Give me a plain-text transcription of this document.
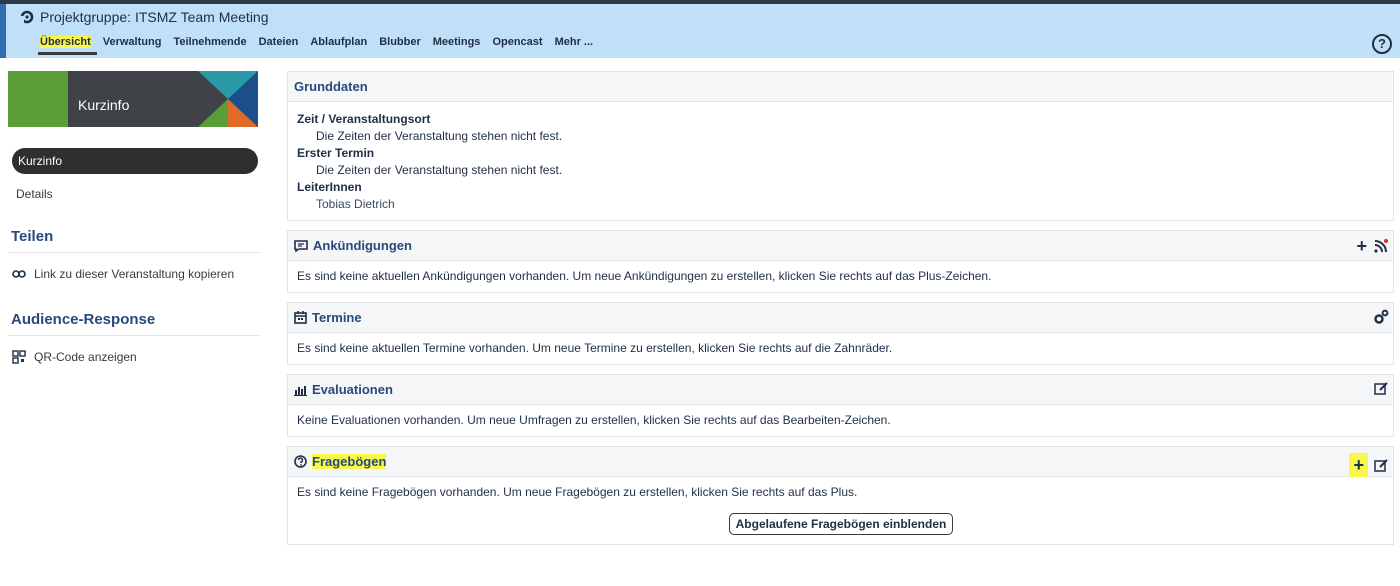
Projektgruppe: ITSMZ Team Meeting
Übersicht	Verwaltung	Teilnehmende	Dateien	Ablaufplan	Blubber	Meetings	Opencast	Mehr ...	?
Kurzinfo
Kurzinfo
Details
Teilen
Link zu dieser Veranstaltung kopieren
Audience-Response
QR-Code anzeigen
Grunddaten
Zeit / Veranstaltungsort
Die Zeiten der Veranstaltung stehen nicht fest.
Erster Termin
Die Zeiten der Veranstaltung stehen nicht fest.
LeiterInnen
Tobias Dietrich
Ankündigungen	+
Es sind keine aktuellen Ankündigungen vorhanden. Um neue Ankündigungen zu erstellen, klicken Sie rechts auf das Plus-Zeichen.
Termine
Es sind keine aktuellen Termine vorhanden. Um neue Termine zu erstellen, klicken Sie rechts auf die Zahnräder.
Evaluationen
Keine Evaluationen vorhanden. Um neue Umfragen zu erstellen, klicken Sie rechts auf das Bearbeiten-Zeichen.
Fragebögen	+
Es sind keine Fragebögen vorhanden. Um neue Fragebögen zu erstellen, klicken Sie rechts auf das Plus.
Abgelaufene Fragebögen einblenden
